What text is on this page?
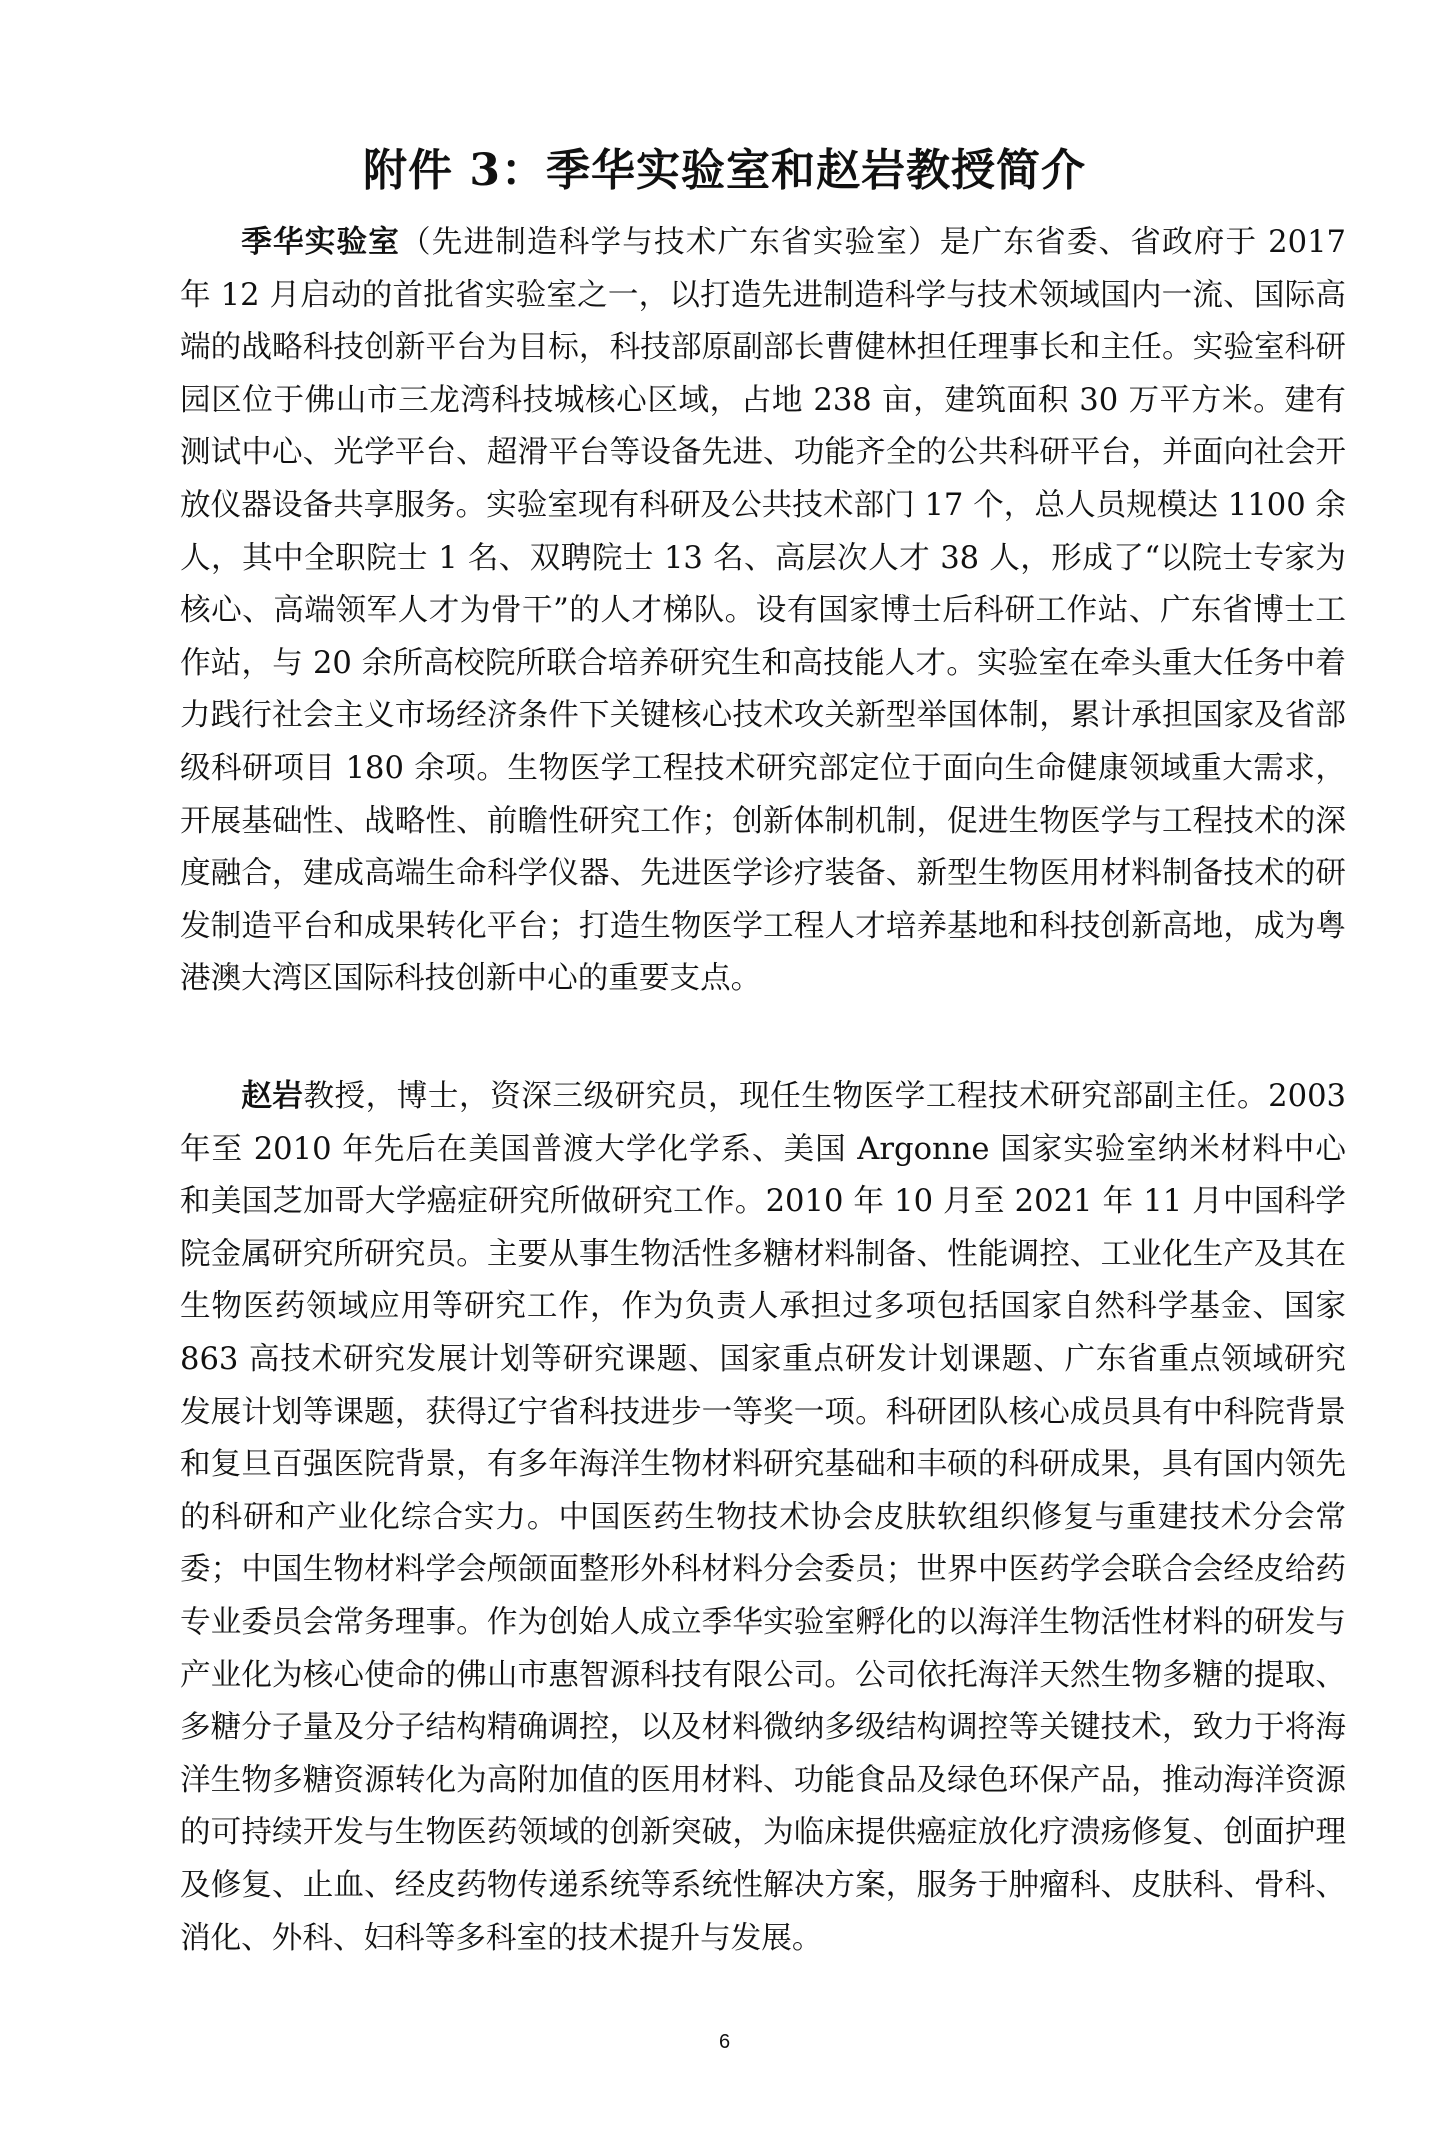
附件 3：季华实验室和赵岩教授简介

季华实验室（先进制造科学与技术广东省实验室）是广东省委、省政府于 2017 年 12 月启动的首批省实验室之一，以打造先进制造科学与技术领域国内一流、国际高端的战略科技创新平台为目标，科技部原副部长曹健林担任理事长和主任。实验室科研园区位于佛山市三龙湾科技城核心区域，占地 238 亩，建筑面积 30 万平方米。建有测试中心、光学平台、超滑平台等设备先进、功能齐全的公共科研平台，并面向社会开放仪器设备共享服务。实验室现有科研及公共技术部门 17 个，总人员规模达 1100 余人，其中全职院士 1 名、双聘院士 13 名、高层次人才 38 人，形成了“以院士专家为核心、高端领军人才为骨干”的人才梯队。设有国家博士后科研工作站、广东省博士工作站，与 20 余所高校院所联合培养研究生和高技能人才。实验室在牵头重大任务中着力践行社会主义市场经济条件下关键核心技术攻关新型举国体制，累计承担国家及省部级科研项目 180 余项。生物医学工程技术研究部定位于面向生命健康领域重大需求，开展基础性、战略性、前瞻性研究工作；创新体制机制，促进生物医学与工程技术的深度融合，建成高端生命科学仪器、先进医学诊疗装备、新型生物医用材料制备技术的研发制造平台和成果转化平台；打造生物医学工程人才培养基地和科技创新高地，成为粤港澳大湾区国际科技创新中心的重要支点。

赵岩教授，博士，资深三级研究员，现任生物医学工程技术研究部副主任。2003 年至 2010 年先后在美国普渡大学化学系、美国 Argonne 国家实验室纳米材料中心和美国芝加哥大学癌症研究所做研究工作。2010 年 10 月至 2021 年 11 月中国科学院金属研究所研究员。主要从事生物活性多糖材料制备、性能调控、工业化生产及其在生物医药领域应用等研究工作，作为负责人承担过多项包括国家自然科学基金、国家 863 高技术研究发展计划等研究课题、国家重点研发计划课题、广东省重点领域研究发展计划等课题，获得辽宁省科技进步一等奖一项。科研团队核心成员具有中科院背景和复旦百强医院背景，有多年海洋生物材料研究基础和丰硕的科研成果，具有国内领先的科研和产业化综合实力。中国医药生物技术协会皮肤软组织修复与重建技术分会常委；中国生物材料学会颅颌面整形外科材料分会委员；世界中医药学会联合会经皮给药专业委员会常务理事。作为创始人成立季华实验室孵化的以海洋生物活性材料的研发与产业化为核心使命的佛山市惠智源科技有限公司。公司依托海洋天然生物多糖的提取、多糖分子量及分子结构精确调控，以及材料微纳多级结构调控等关键技术，致力于将海洋生物多糖资源转化为高附加值的医用材料、功能食品及绿色环保产品，推动海洋资源的可持续开发与生物医药领域的创新突破，为临床提供癌症放化疗溃疡修复、创面护理及修复、止血、经皮药物传递系统等系统性解决方案，服务于肿瘤科、皮肤科、骨科、消化、外科、妇科等多科室的技术提升与发展。

6
